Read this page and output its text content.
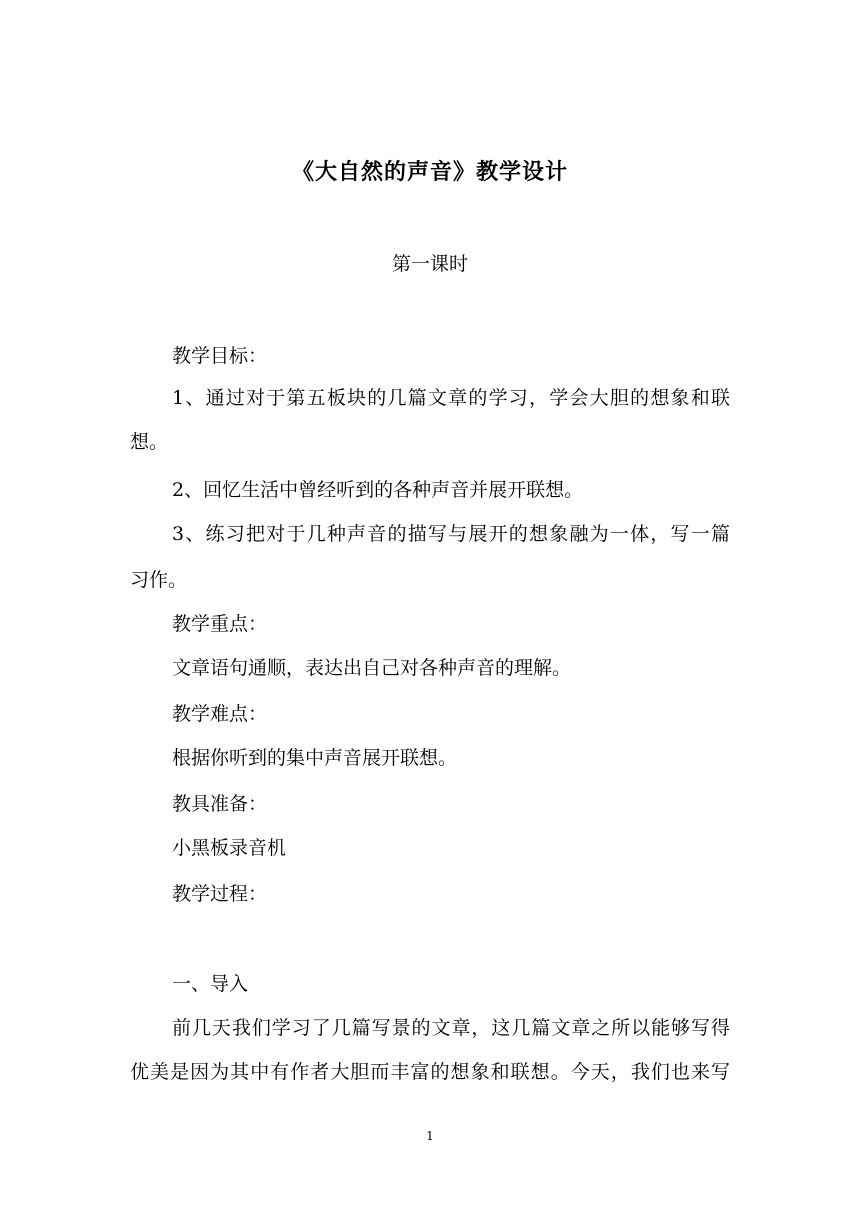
《大自然的声音》教学设计
第一课时
教学目标：
1、通过对于第五板块的几篇文章的学习，学会大胆的想象和联
想。
2、回忆生活中曾经听到的各种声音并展开联想。
3、练习把对于几种声音的描写与展开的想象融为一体，写一篇
习作。
教学重点：
文章语句通顺，表达出自己对各种声音的理解。
教学难点：
根据你听到的集中声音展开联想。
教具准备：
小黑板录音机
教学过程：
一、导入
前几天我们学习了几篇写景的文章，这几篇文章之所以能够写得
优美是因为其中有作者大胆而丰富的想象和联想。今天，我们也来写
1
